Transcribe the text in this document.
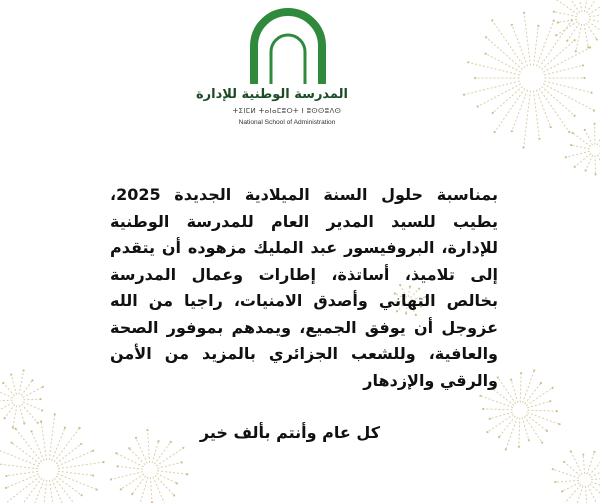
المدرسة الوطنية للإدارة
ⵜⵉⵏⵎⵍ ⵜⴰⵏⴰⵎⵓⵔⵜ ⵏ ⵓⵙⵙⵓⴷⵙ
National School of Administration
بمناسبة حلول السنة الميلادية الجديدة 2025، يطيب للسيد المدير العام للمدرسة الوطنية للإدارة، البروفيسور عبد المليك مزهوده أن يتقدم إلى تلاميذ، أساتذة، إطارات وعمال المدرسة بخالص التهاني وأصدق الامنيات، راجيا من الله عزوجل أن يوفق الجميع، ويمدهم بموفور الصحة والعافية، وللشعب الجزائري بالمزيد من الأمن والرقي والإزدهار
كل عام وأنتم بألف خير
